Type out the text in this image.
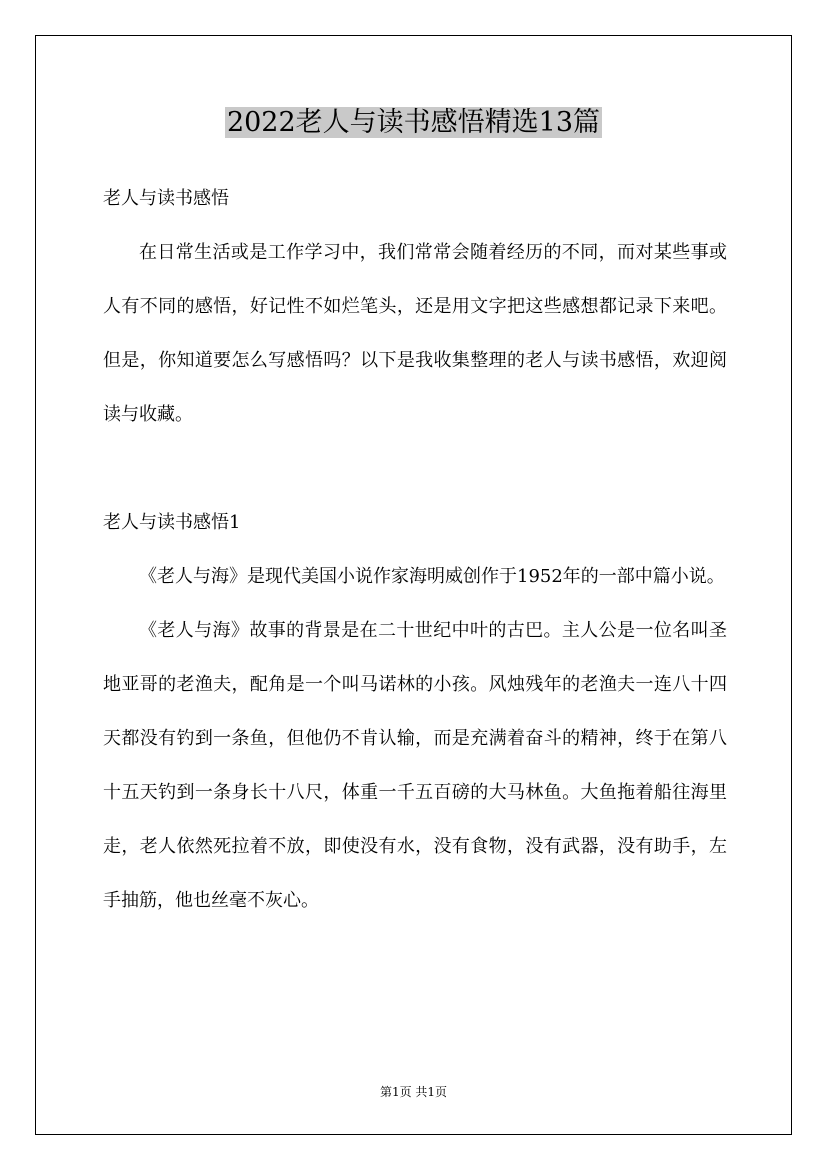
2022老人与读书感悟精选13篇

老人与读书感悟

在日常生活或是工作学习中，我们常常会随着经历的不同，而对某些事或人有不同的感悟，好记性不如烂笔头，还是用文字把这些感想都记录下来吧。但是，你知道要怎么写感悟吗？以下是我收集整理的老人与读书感悟，欢迎阅读与收藏。

老人与读书感悟1

《老人与海》是现代美国小说作家海明威创作于1952年的一部中篇小说。

《老人与海》故事的背景是在二十世纪中叶的古巴。主人公是一位名叫圣地亚哥的老渔夫，配角是一个叫马诺林的小孩。风烛残年的老渔夫一连八十四天都没有钓到一条鱼，但他仍不肯认输，而是充满着奋斗的精神，终于在第八十五天钓到一条身长十八尺，体重一千五百磅的大马林鱼。大鱼拖着船往海里走，老人依然死拉着不放，即使没有水，没有食物，没有武器，没有助手，左手抽筋，他也丝毫不灰心。

第1页 共1页
